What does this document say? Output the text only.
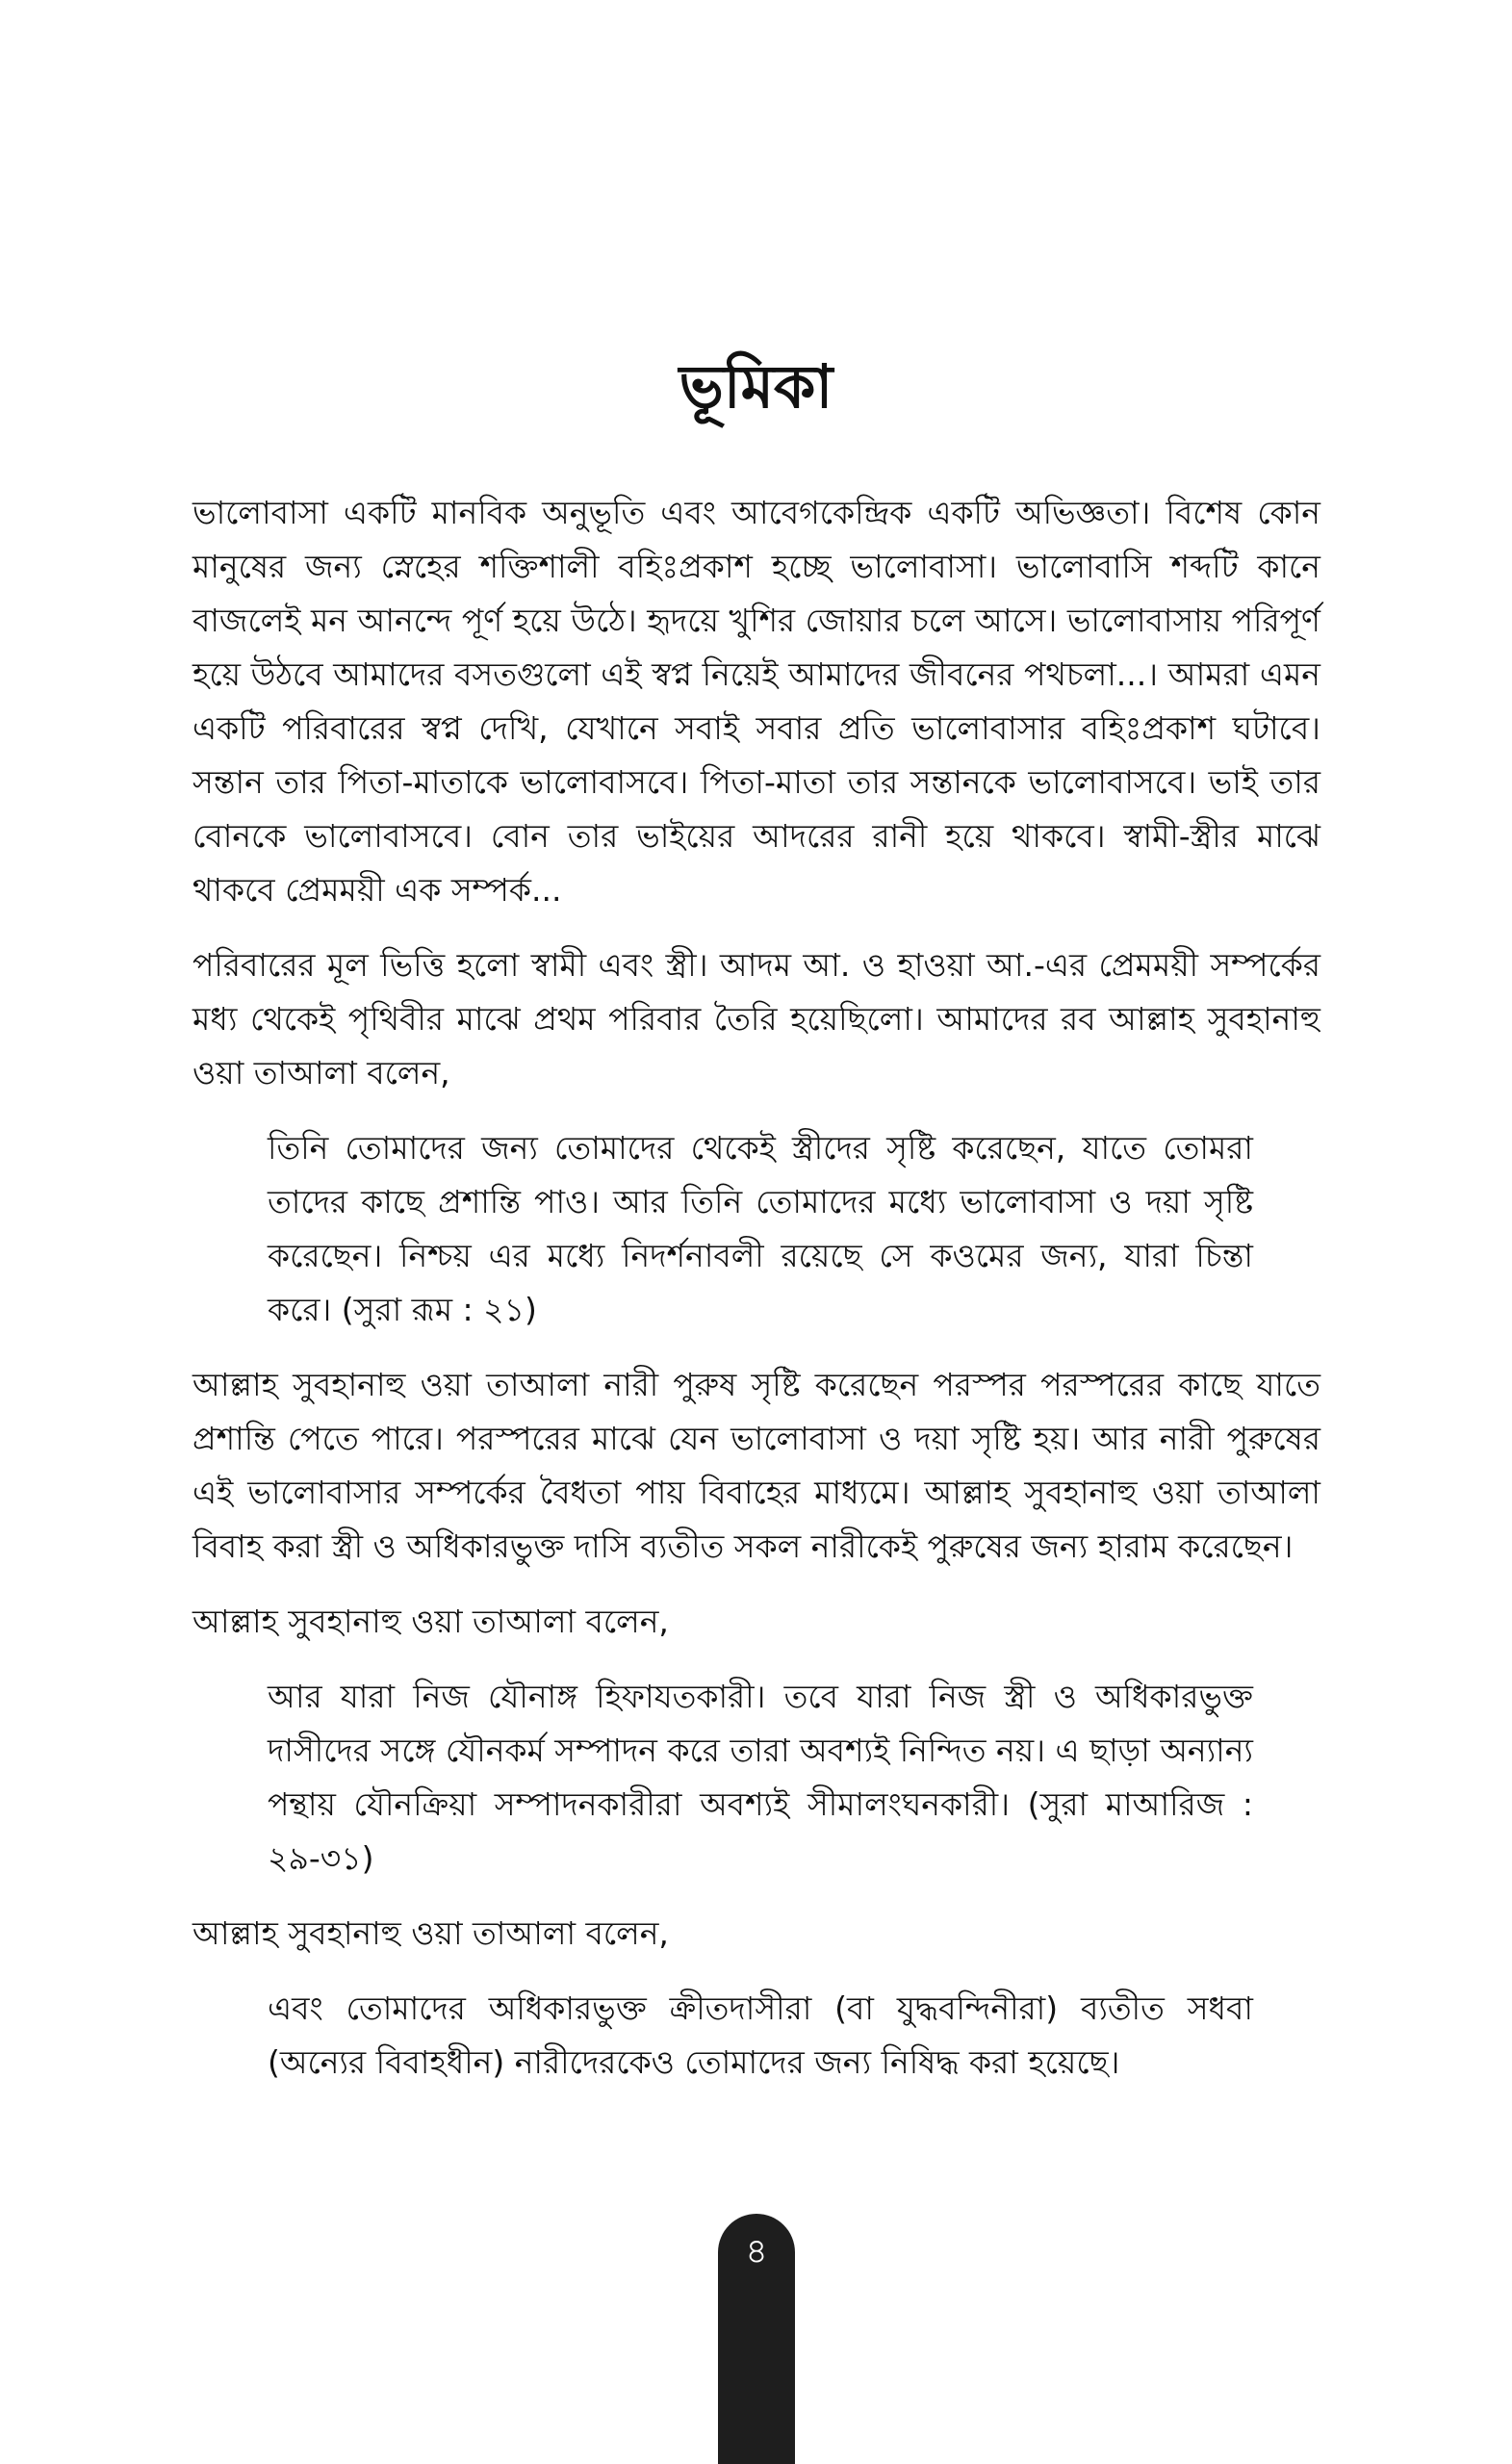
ভূমিকা

ভালোবাসা একটি মানবিক অনুভূতি এবং আবেগকেন্দ্রিক একটি অভিজ্ঞতা। বিশেষ কোন মানুষের জন্য স্নেহের শক্তিশালী বহিঃপ্রকাশ হচ্ছে ভালোবাসা। ভালোবাসি শব্দটি কানে বাজলেই মন আনন্দে পূর্ণ হয়ে উঠে। হৃদয়ে খুশির জোয়ার চলে আসে। ভালোবাসায় পরিপূর্ণ হয়ে উঠবে আমাদের বসতগুলো এই স্বপ্ন নিয়েই আমাদের জীবনের পথচলা...। আমরা এমন একটি পরিবারের স্বপ্ন দেখি, যেখানে সবাই সবার প্রতি ভালোবাসার বহিঃপ্রকাশ ঘটাবে। সন্তান তার পিতা-মাতাকে ভালোবাসবে। পিতা-মাতা তার সন্তানকে ভালোবাসবে। ভাই তার বোনকে ভালোবাসবে। বোন তার ভাইয়ের আদরের রানী হয়ে থাকবে। স্বামী-স্ত্রীর মাঝে থাকবে প্রেমময়ী এক সম্পর্ক...

পরিবারের মূল ভিত্তি হলো স্বামী এবং স্ত্রী। আদম আ. ও হাওয়া আ.-এর প্রেমময়ী সম্পর্কের মধ্য থেকেই পৃথিবীর মাঝে প্রথম পরিবার তৈরি হয়েছিলো। আমাদের রব আল্লাহ সুবহানাহু ওয়া তাআলা বলেন,

তিনি তোমাদের জন্য তোমাদের থেকেই স্ত্রীদের সৃষ্টি করেছেন, যাতে তোমরা তাদের কাছে প্রশান্তি পাও। আর তিনি তোমাদের মধ্যে ভালোবাসা ও দয়া সৃষ্টি করেছেন। নিশ্চয় এর মধ্যে নিদর্শনাবলী রয়েছে সে কওমের জন্য, যারা চিন্তা করে। (সুরা রূম : ২১)

আল্লাহ সুবহানাহু ওয়া তাআলা নারী পুরুষ সৃষ্টি করেছেন পরস্পর পরস্পরের কাছে যাতে প্রশান্তি পেতে পারে। পরস্পরের মাঝে যেন ভালোবাসা ও দয়া সৃষ্টি হয়। আর নারী পুরুষের এই ভালোবাসার সম্পর্কের বৈধতা পায় বিবাহের মাধ্যমে। আল্লাহ সুবহানাহু ওয়া তাআলা বিবাহ করা স্ত্রী ও অধিকারভুক্ত দাসি ব্যতীত সকল নারীকেই পুরুষের জন্য হারাম করেছেন।

আল্লাহ সুবহানাহু ওয়া তাআলা বলেন,

আর যারা নিজ যৌনাঙ্গ হিফাযতকারী। তবে যারা নিজ স্ত্রী ও অধিকারভুক্ত দাসীদের সঙ্গে যৌনকর্ম সম্পাদন করে তারা অবশ্যই নিন্দিত নয়। এ ছাড়া অন্যান্য পন্থায় যৌনক্রিয়া সম্পাদনকারীরা অবশ্যই সীমালংঘনকারী। (সুরা মাআরিজ : ২৯-৩১)

আল্লাহ সুবহানাহু ওয়া তাআলা বলেন,

এবং তোমাদের অধিকারভুক্ত ক্রীতদাসীরা (বা যুদ্ধবন্দিনীরা) ব্যতীত সধবা (অন্যের বিবাহধীন) নারীদেরকেও তোমাদের জন্য নিষিদ্ধ করা হয়েছে।

৪
